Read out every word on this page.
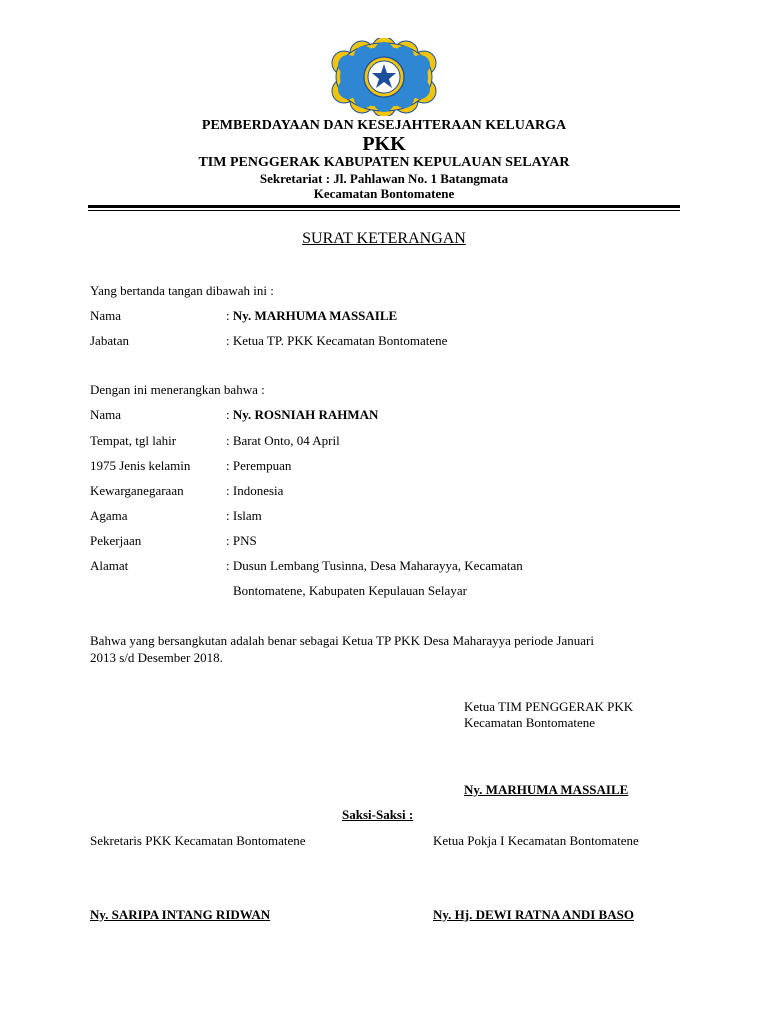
PEMBERDAYAAN DAN KESEJAHTERAAN KELUARGA
PKK
TIM PENGGERAK KABUPATEN KEPULAUAN SELAYAR
Sekretariat : Jl. Pahlawan No. 1 Batangmata
Kecamatan Bontomatene
SURAT KETERANGAN
Yang bertanda tangan dibawah ini :
Nama	: Ny. MARHUMA MASSAILE
Jabatan	: Ketua TP. PKK Kecamatan Bontomatene
Dengan ini menerangkan bahwa :
Nama	: Ny. ROSNIAH RAHMAN
Tempat, tgl lahir	: Barat Onto, 04 April
1975 Jenis kelamin	: Perempuan
Kewarganegaraan	: Indonesia
Agama	: Islam
Pekerjaan	: PNS
Alamat	: Dusun Lembang Tusinna, Desa Maharayya, Kecamatan
Bontomatene, Kabupaten Kepulauan Selayar
Bahwa yang bersangkutan adalah benar sebagai Ketua TP PKK Desa Maharayya periode Januari
2013 s/d Desember 2018.
Ketua TIM PENGGERAK PKK
Kecamatan Bontomatene
Ny. MARHUMA MASSAILE
Saksi-Saksi :
Sekretaris PKK Kecamatan Bontomatene	Ketua Pokja I Kecamatan Bontomatene
Ny. SARIPA INTANG RIDWAN	Ny. Hj. DEWI RATNA ANDI BASO
